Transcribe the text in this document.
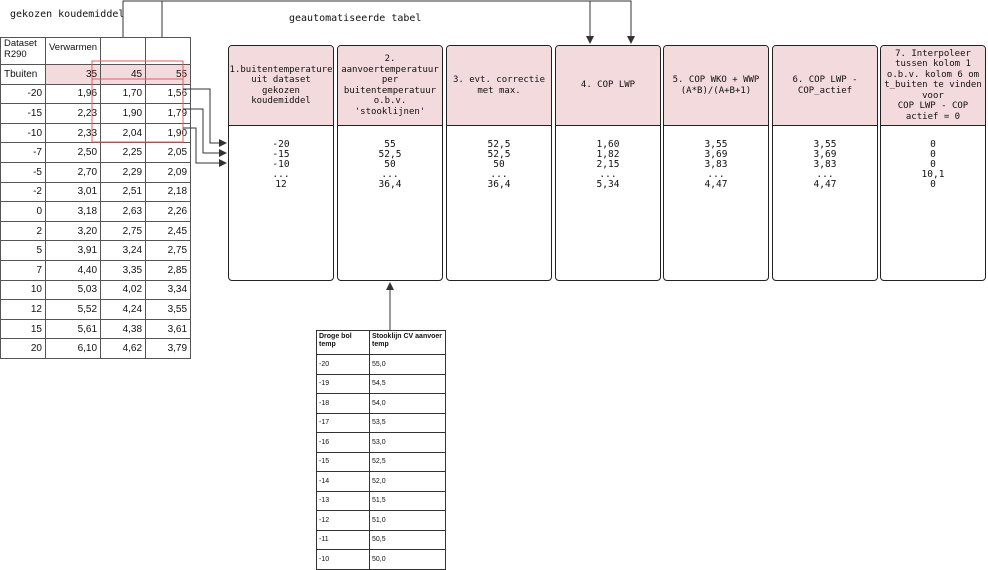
gekozen koudemiddel	geautomatiseerde tabel
Dataset R290	Verwarmen		
Tbuiten	35	45	55
-20	1,96	1,70	1,56
-15	2,23	1,90	1,79
-10	2,33	2,04	1,90
-7	2,50	2,25	2,05
-5	2,70	2,29	2,09
-2	3,01	2,51	2,18
0	3,18	2,63	2,26
2	3,20	2,75	2,45
5	3,91	3,24	2,75
7	4,40	3,35	2,85
10	5,03	4,02	3,34
12	5,52	4,24	3,55
15	5,61	4,38	3,61
20	6,10	4,62	3,79
1.buitentemperature
uit dataset
gekozen
koudemiddel
-20
-15
-10
...
12
2.
aanvoertemperatuur
per
buitentemperatuur
o.b.v.
'stooklijnen'
55
52,5
50
...
36,4
3. evt. correctie
met max.
52,5
52,5
50
...
36,4
4. COP LWP
1,60
1,82
2,15
...
5,34
5. COP WKO + WWP
(A*B)/(A+B+1)
3,55
3,69
3,83
...
4,47
6. COP LWP -
COP_actief
3,55
3,69
3,83
...
4,47
7. Interpoleer
tussen kolom 1
o.b.v. kolom 6 om
t_buiten te vinden
voor
COP LWP - COP
actief = 0
0
0
0
10,1
0
Droge bol temp	Stooklijn CV aanvoer temp
-20	55,0
-19	54,5
-18	54,0
-17	53,5
-16	53,0
-15	52,5
-14	52,0
-13	51,5
-12	51,0
-11	50,5
-10	50,0
